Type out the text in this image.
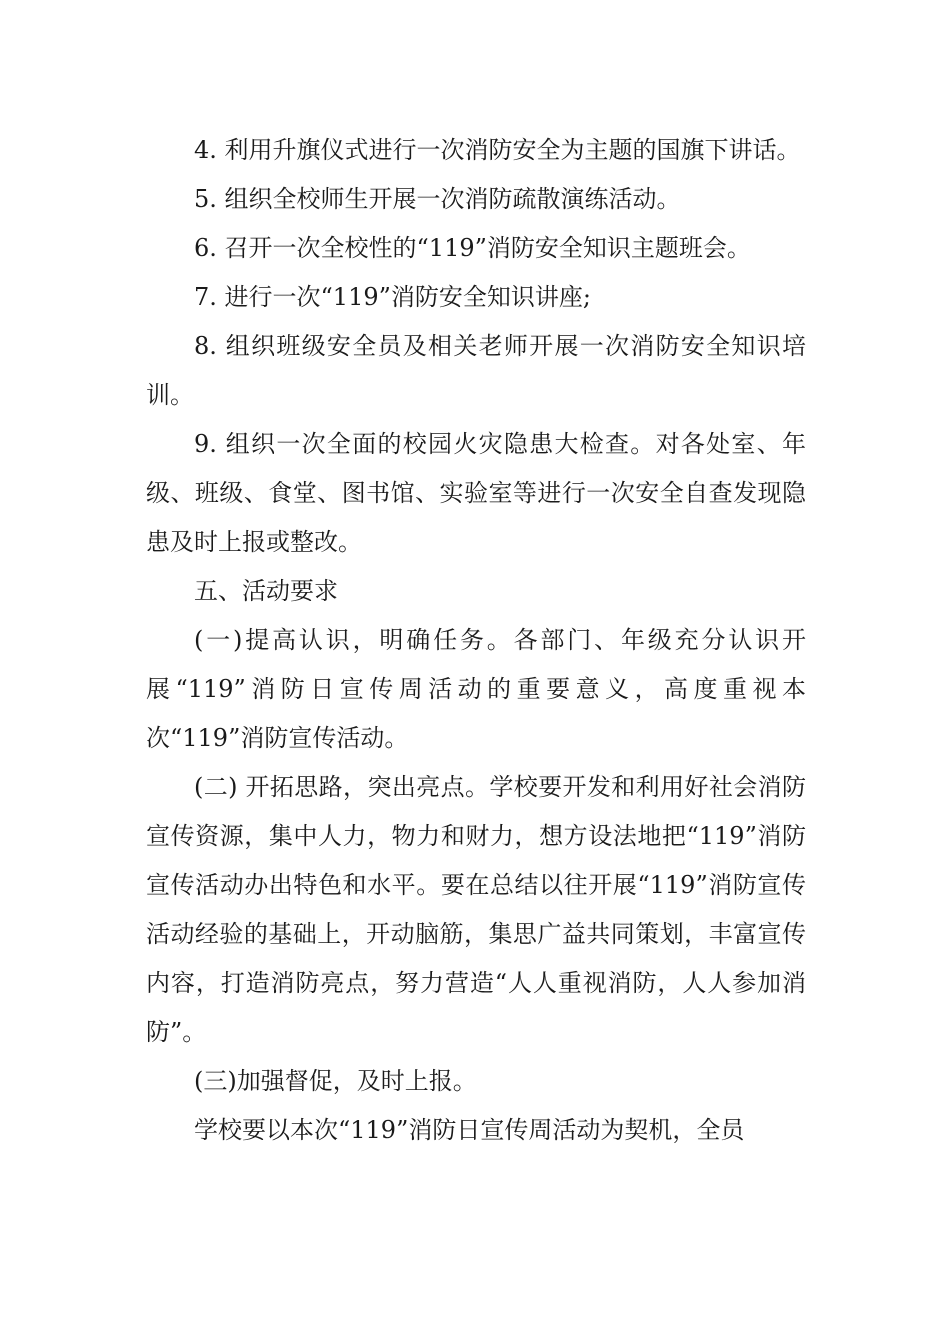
4. 利用升旗仪式进行一次消防安全为主题的国旗下讲话。

5. 组织全校师生开展一次消防疏散演练活动。

6. 召开一次全校性的“119”消防安全知识主题班会。

7. 进行一次“119”消防安全知识讲座;

8. 组织班级安全员及相关老师开展一次消防安全知识培训。

9. 组织一次全面的校园火灾隐患大检查。对各处室、年级、班级、食堂、图书馆、实验室等进行一次安全自查发现隐患及时上报或整改。

五、活动要求

(一)提高认识，明确任务。各部门、年级充分认识开展“119”消防日宣传周活动的重要意义，高度重视本次“119”消防宣传活动。

(二) 开拓思路，突出亮点。学校要开发和利用好社会消防宣传资源，集中人力，物力和财力，想方设法地把“119”消防宣传活动办出特色和水平。要在总结以往开展“119”消防宣传活动经验的基础上，开动脑筋，集思广益共同策划，丰富宣传内容，打造消防亮点，努力营造“人人重视消防，人人参加消防”。

(三)加强督促，及时上报。

学校要以本次“119”消防日宣传周活动为契机，全员
